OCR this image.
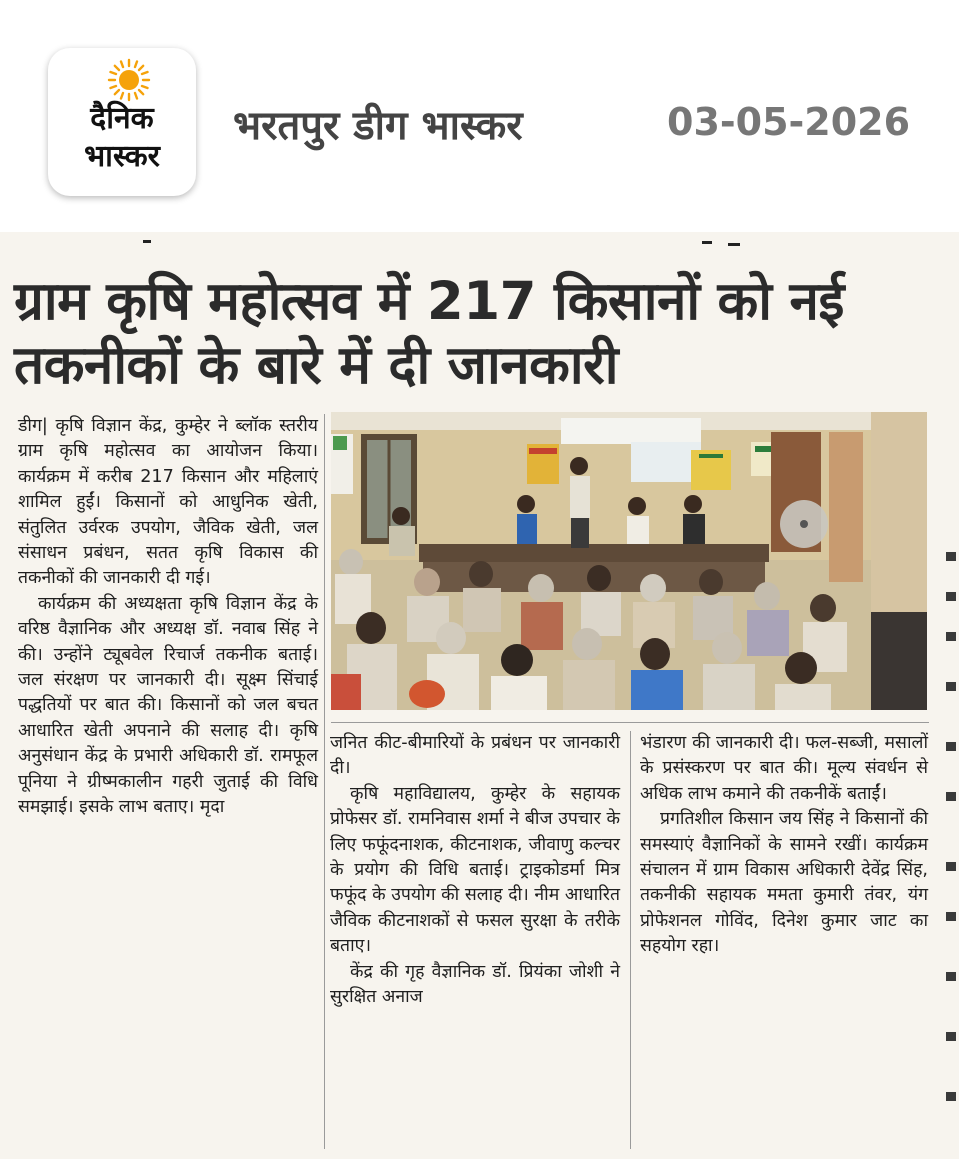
दैनिक
भास्कर
भरतपुर डीग भास्कर	03-05-2026
ग्राम कृषि महोत्सव में 217 किसानों को नई तकनीकों के बारे में दी जानकारी

डीग| कृषि विज्ञान केंद्र, कुम्हेर ने ब्लॉक स्तरीय ग्राम कृषि महोत्सव का आयोजन किया। कार्यक्रम में करीब 217 किसान और महिलाएं शामिल हुईं। किसानों को आधुनिक खेती, संतुलित उर्वरक उपयोग, जैविक खेती, जल संसाधन प्रबंधन, सतत कृषि विकास की तकनीकों की जानकारी दी गई।

कार्यक्रम की अध्यक्षता कृषि विज्ञान केंद्र के वरिष्ठ वैज्ञानिक और अध्यक्ष डॉ. नवाब सिंह ने की। उन्होंने ट्यूबवेल रिचार्ज तकनीक बताई। जल संरक्षण पर जानकारी दी। सूक्ष्म सिंचाई पद्धतियों पर बात की। किसानों को जल बचत आधारित खेती अपनाने की सलाह दी। कृषि अनुसंधान केंद्र के प्रभारी अधिकारी डॉ. रामफूल पूनिया ने ग्रीष्मकालीन गहरी जुताई की विधि समझाई। इसके लाभ बताए। मृदा

जनित कीट-बीमारियों के प्रबंधन पर जानकारी दी।

कृषि महाविद्यालय, कुम्हेर के सहायक प्रोफेसर डॉ. रामनिवास शर्मा ने बीज उपचार के लिए फफूंदनाशक, कीटनाशक, जीवाणु कल्चर के प्रयोग की विधि बताई। ट्राइकोडर्मा मित्र फफूंद के उपयोग की सलाह दी। नीम आधारित जैविक कीटनाशकों से फसल सुरक्षा के तरीके बताए।

केंद्र की गृह वैज्ञानिक डॉ. प्रियंका जोशी ने सुरक्षित अनाज

भंडारण की जानकारी दी। फल-सब्जी, मसालों के प्रसंस्करण पर बात की। मूल्य संवर्धन से अधिक लाभ कमाने की तकनीकें बताईं।

प्रगतिशील किसान जय सिंह ने किसानों की समस्याएं वैज्ञानिकों के सामने रखीं। कार्यक्रम संचालन में ग्राम विकास अधिकारी देवेंद्र सिंह, तकनीकी सहायक ममता कुमारी तंवर, यंग प्रोफेशनल गोविंद, दिनेश कुमार जाट का सहयोग रहा।
